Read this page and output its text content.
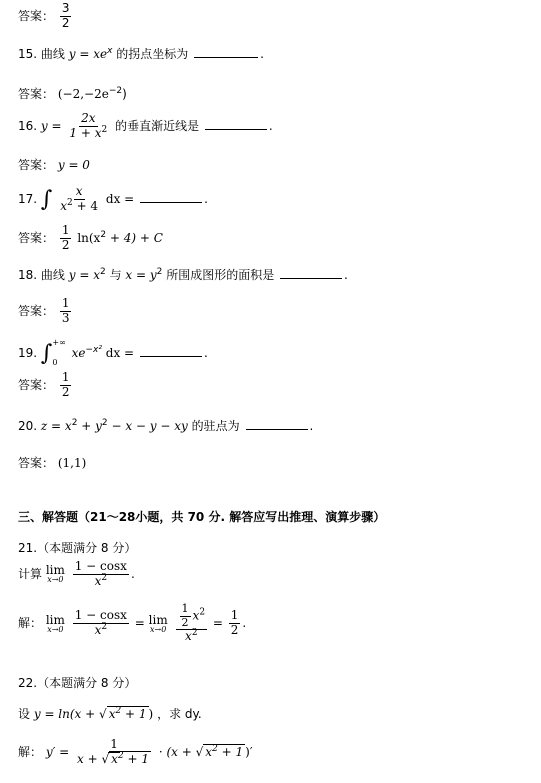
答案： $\frac{3}{2}$
15. 曲线 $y = xe^x$ 的拐点坐标为	.
答案： $(-2,-2e^{-2})$
16. $y = \frac{2x}{1 + x^2}$ 的垂直渐近线是	.
答案： y = 0
17. ∫ $\frac{x}{x^2 + 4}$ dx =	.
答案： $\frac{1}{2} \ln(x^2 + 4) + C$
18. 曲线 $y = x^2$ 与 $x = y^2$ 所围成图形的面积是	.
答案： $\frac{1}{3}$
19. ∫ +∞
0
$xe^{-x^2}$ dx =	.
答案： $\frac{1}{2}$
20. $z = x^2 + y^2 - x - y$ − xy 的驻点为	.
答案： (1,1)
三、解答题（21～28小题，共 70 分. 解答应写出推理、演算步骤）
21.（本题满分 8 分）
计算 lim
x→0
$\frac{1 - \cos x}{x^2}$ .
解： lim
x→0
$\frac{1 - \cos x}{x^2} = \lim$
x→0
$\frac{\frac{1}{2} x^2}{x^2} = \frac{1}{2}$ .
22.（本题满分 8 分）
设 y = ln(x + √ $x^2 + 1$ ) ，求 dy.
解： $y' = \frac{1}{x + √ x^2 + 1} \cdot (x$ + √ $x^2 + 1$ )′
